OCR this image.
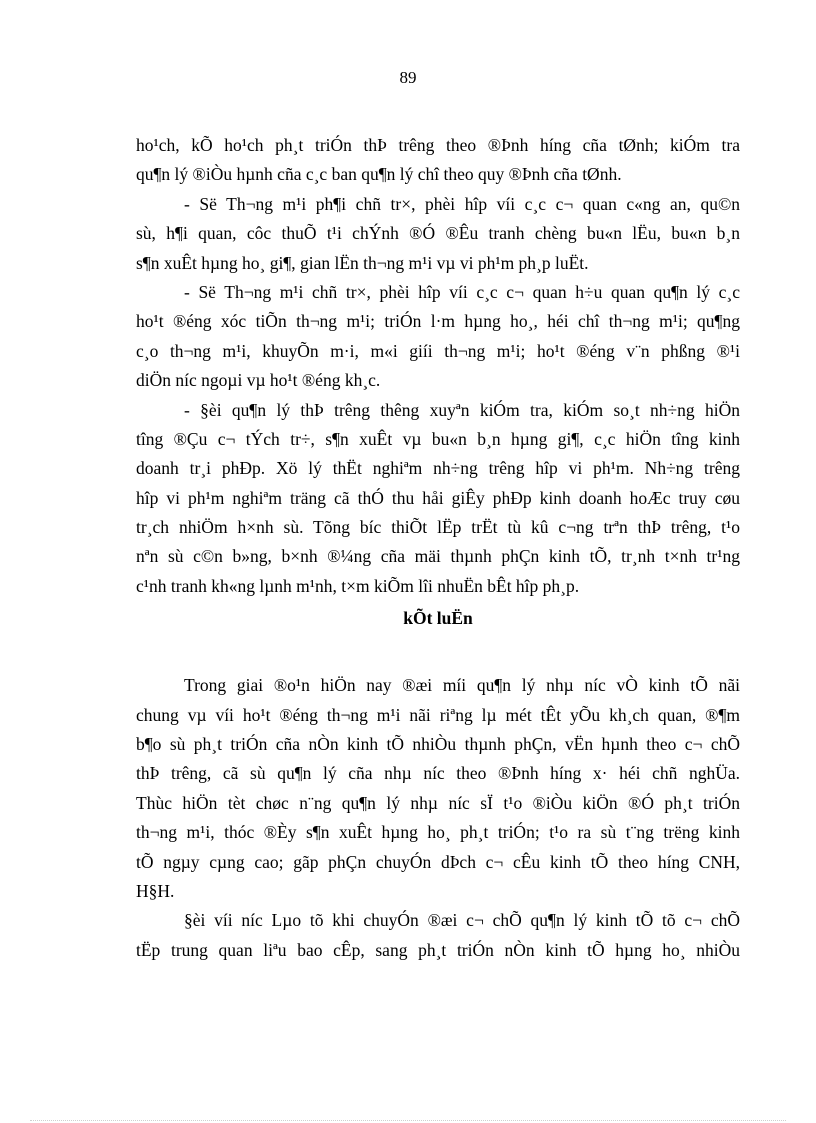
89
ho¹ch, kÕ ho¹ch ph¸t triÓn thÞ trêng theo ®Þnh híng cña tØnh; kiÓm tra
qu¶n lý ®iÒu hµnh cña c¸c ban qu¶n lý chî theo quy ®Þnh cña tØnh.
- Së Th¬ng m¹i ph¶i chñ tr×, phèi hîp víi c¸c c¬ quan c«ng an, qu©n
sù, h¶i quan, côc thuÕ t¹i chÝnh ®Ó ®Êu tranh chèng bu«n lËu, bu«n b¸n
s¶n xuÊt hµng ho¸ gi¶, gian lËn th¬ng m¹i vµ vi ph¹m ph¸p luËt.
- Së Th¬ng m¹i chñ tr×, phèi hîp víi c¸c c¬ quan h÷u quan qu¶n lý c¸c
ho¹t ®éng xóc tiÕn th¬ng m¹i; triÓn l·m hµng ho¸, héi chî th¬ng m¹i; qu¶ng
c¸o th¬ng m¹i, khuyÕn m·i, m«i giíi th¬ng m¹i; ho¹t ®éng v¨n phßng ®¹i
diÖn níc ngoµi vµ ho¹t ®éng kh¸c.
- §èi qu¶n lý thÞ trêng thêng xuyªn kiÓm tra, kiÓm so¸t nh÷ng hiÖn
tîng ®Çu c¬ tÝch tr÷, s¶n xuÊt vµ bu«n b¸n hµng gi¶, c¸c hiÖn tîng kinh
doanh tr¸i phÐp. Xö lý thËt nghiªm nh÷ng trêng hîp vi ph¹m. Nh÷ng trêng
hîp vi ph¹m nghiªm träng cã thÓ thu håi giÊy phÐp kinh doanh hoÆc truy cøu
tr¸ch nhiÖm h×nh sù. Tõng bíc thiÕt lËp trËt tù kû c¬ng trªn thÞ trêng, t¹o
nªn sù c©n b»ng, b×nh ®¼ng cña mäi thµnh phÇn kinh tÕ, tr¸nh t×nh tr¹ng
c¹nh tranh kh«ng lµnh m¹nh, t×m kiÕm lîi nhuËn bÊt hîp ph¸p.
kÕt luËn
Trong giai ®o¹n hiÖn nay ®æi míi qu¶n lý nhµ níc vÒ kinh tÕ nãi
chung vµ víi ho¹t ®éng th¬ng m¹i nãi riªng lµ mét tÊt yÕu kh¸ch quan, ®¶m
b¶o sù ph¸t triÓn cña nÒn kinh tÕ nhiÒu thµnh phÇn, vËn hµnh theo c¬ chÕ
thÞ trêng, cã sù qu¶n lý cña nhµ níc theo ®Þnh híng x· héi chñ nghÜa.
Thùc hiÖn tèt chøc n¨ng qu¶n lý nhµ níc sÏ t¹o ®iÒu kiÖn ®Ó ph¸t triÓn
th¬ng m¹i, thóc ®Èy s¶n xuÊt hµng ho¸ ph¸t triÓn; t¹o ra sù t¨ng trëng kinh
tÕ ngµy cµng cao; gãp phÇn chuyÓn dÞch c¬ cÊu kinh tÕ theo híng CNH,
H§H.
§èi víi níc Lµo tõ khi chuyÓn ®æi c¬ chÕ qu¶n lý kinh tÕ tõ c¬ chÕ
tËp trung quan liªu bao cÊp, sang ph¸t triÓn nÒn kinh tÕ hµng ho¸ nhiÒu
